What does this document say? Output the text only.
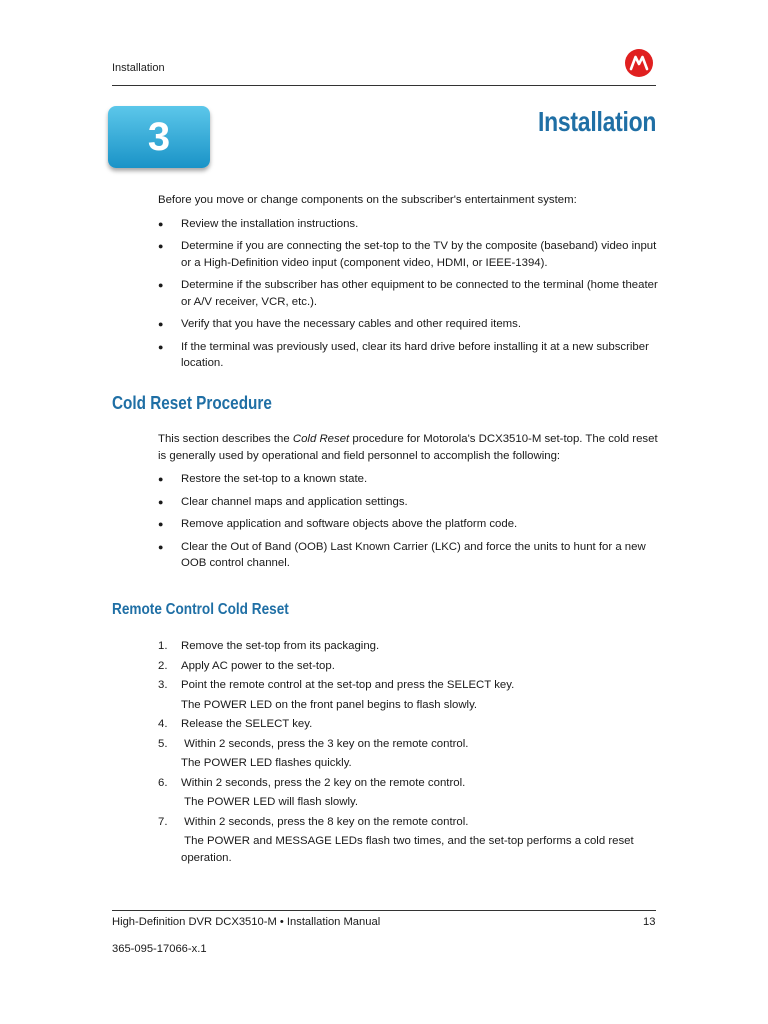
Installation
3	Installation
Before you move or change components on the subscriber's entertainment system:
● Review the installation instructions.
● Determine if you are connecting the set-top to the TV by the composite (baseband) video input or a High-Definition video input (component video, HDMI, or IEEE-1394).
● Determine if the subscriber has other equipment to be connected to the terminal (home theater or A/V receiver, VCR, etc.).
● Verify that you have the necessary cables and other required items.
● If the terminal was previously used, clear its hard drive before installing it at a new subscriber location.
Cold Reset Procedure
This section describes the Cold Reset procedure for Motorola's DCX3510-M set-top. The cold reset is generally used by operational and field personnel to accomplish the following:
● Restore the set-top to a known state.
● Clear channel maps and application settings.
● Remove application and software objects above the platform code.
● Clear the Out of Band (OOB) Last Known Carrier (LKC) and force the units to hunt for a new OOB control channel.
Remote Control Cold Reset
1. Remove the set-top from its packaging.
2. Apply AC power to the set-top.
3. Point the remote control at the set-top and press the SELECT key.
The POWER LED on the front panel begins to flash slowly.
4. Release the SELECT key.
5. Within 2 seconds, press the 3 key on the remote control.
The POWER LED flashes quickly.
6. Within 2 seconds, press the 2 key on the remote control.
The POWER LED will flash slowly.
7. Within 2 seconds, press the 8 key on the remote control.
The POWER and MESSAGE LEDs flash two times, and the set-top performs a cold reset operation.
High-Definition DVR DCX3510-M • Installation Manual	13
365-095-17066-x.1
